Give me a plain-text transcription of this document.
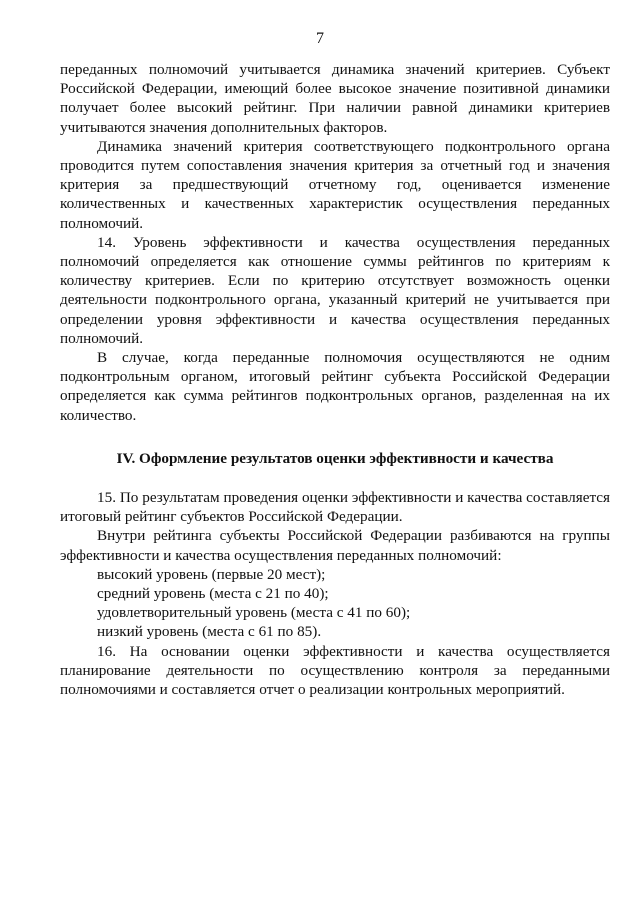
7

переданных полномочий учитывается динамика значений критериев. Субъект Российской Федерации, имеющий более высокое значение позитивной динамики получает более высокий рейтинг. При наличии равной динамики критериев учитываются значения дополнительных факторов.

Динамика значений критерия соответствующего подконтрольного органа проводится путем сопоставления значения критерия за отчетный год и значения критерия за предшествующий отчетному год, оценивается изменение количественных и качественных характеристик осуществления переданных полномочий.

14. Уровень эффективности и качества осуществления переданных полномочий определяется как отношение суммы рейтингов по критериям к количеству критериев. Если по критерию отсутствует возможность оценки деятельности подконтрольного органа, указанный критерий не учитывается при определении уровня эффективности и качества осуществления переданных полномочий.

В случае, когда переданные полномочия осуществляются не одним подконтрольным органом, итоговый рейтинг субъекта Российской Федерации определяется как сумма рейтингов подконтрольных органов, разделенная на их количество.

IV. Оформление результатов оценки эффективности и качества

15. По результатам проведения оценки эффективности и качества составляется итоговый рейтинг субъектов Российской Федерации.

Внутри рейтинга субъекты Российской Федерации разбиваются на группы эффективности и качества осуществления переданных полномочий:

высокий уровень (первые 20 мест);

средний уровень (места с 21 по 40);

удовлетворительный уровень (места с 41 по 60);

низкий уровень (места с 61 по 85).

16. На основании оценки эффективности и качества осуществляется планирование деятельности по осуществлению контроля за переданными полномочиями и составляется отчет о реализации контрольных мероприятий.
